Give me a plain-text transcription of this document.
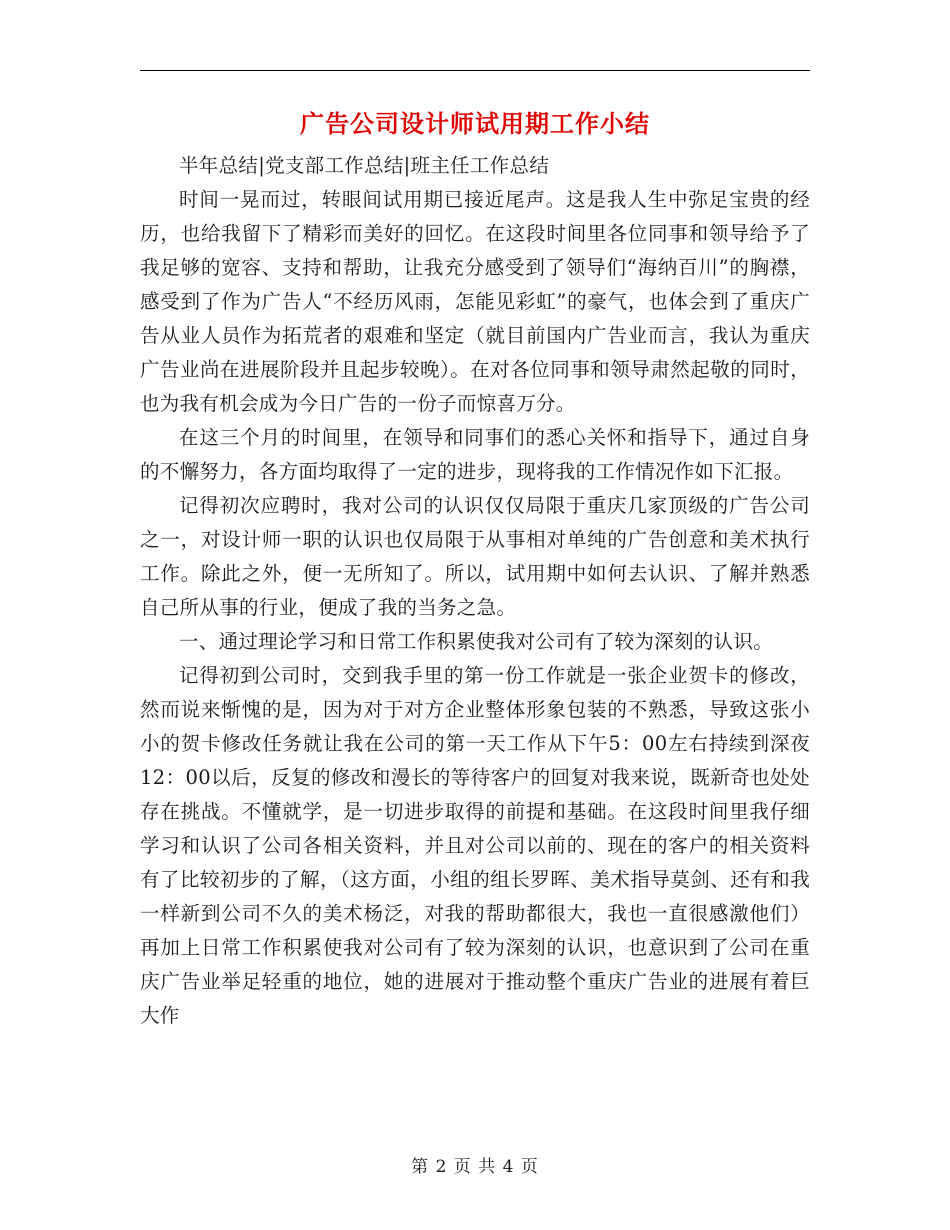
广告公司设计师试用期工作小结

半年总结|党支部工作总结|班主任工作总结

时间一晃而过，转眼间试用期已接近尾声。这是我人生中弥足宝贵的经历，也给我留下了精彩而美好的回忆。在这段时间里各位同事和领导给予了我足够的宽容、支持和帮助，让我充分感受到了领导们“海纳百川”的胸襟，感受到了作为广告人“不经历风雨，怎能见彩虹”的豪气，也体会到了重庆广告从业人员作为拓荒者的艰难和坚定（就目前国内广告业而言，我认为重庆广告业尚在进展阶段并且起步较晚）。在对各位同事和领导肃然起敬的同时，也为我有机会成为今日广告的一份子而惊喜万分。

在这三个月的时间里，在领导和同事们的悉心关怀和指导下，通过自身的不懈努力，各方面均取得了一定的进步，现将我的工作情况作如下汇报。

记得初次应聘时，我对公司的认识仅仅局限于重庆几家顶级的广告公司之一，对设计师一职的认识也仅局限于从事相对单纯的广告创意和美术执行工作。除此之外，便一无所知了。所以，试用期中如何去认识、了解并熟悉自己所从事的行业，便成了我的当务之急。

一、通过理论学习和日常工作积累使我对公司有了较为深刻的认识。

记得初到公司时，交到我手里的第一份工作就是一张企业贺卡的修改，然而说来惭愧的是，因为对于对方企业整体形象包装的不熟悉，导致这张小小的贺卡修改任务就让我在公司的第一天工作从下午5：00左右持续到深夜12：00以后，反复的修改和漫长的等待客户的回复对我来说，既新奇也处处存在挑战。不懂就学，是一切进步取得的前提和基础。在这段时间里我仔细学习和认识了公司各相关资料，并且对公司以前的、现在的客户的相关资料有了比较初步的了解，（这方面，小组的组长罗晖、美术指导莫剑、还有和我一样新到公司不久的美术杨泛，对我的帮助都很大，我也一直很感激他们）再加上日常工作积累使我对公司有了较为深刻的认识，也意识到了公司在重庆广告业举足轻重的地位，她的进展对于推动整个重庆广告业的进展有着巨大作

第 2 页 共 4 页
